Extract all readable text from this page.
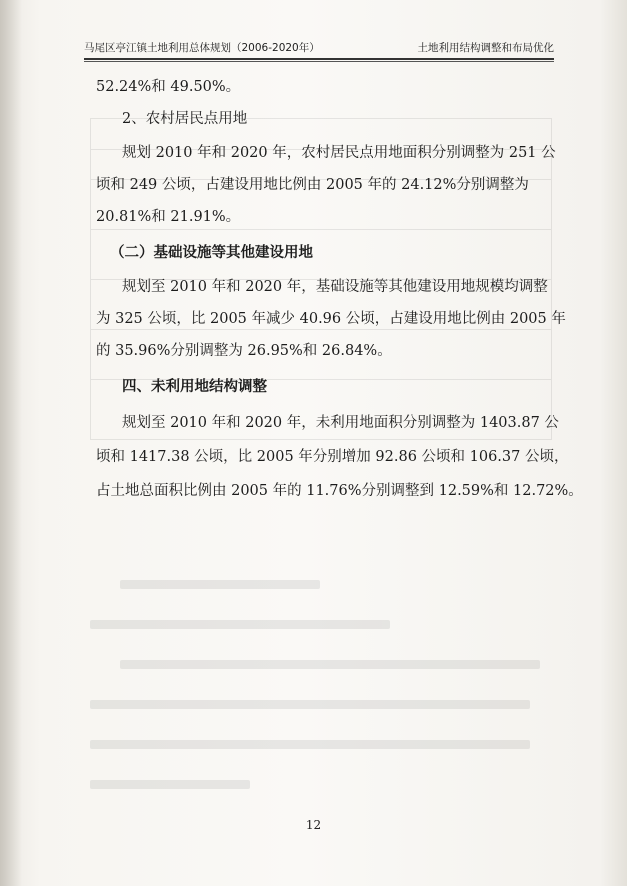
马尾区亭江镇土地利用总体规划（2006-2020年）	土地利用结构调整和布局优化
52.24%和 49.50%。
2、农村居民点用地
规划 2010 年和 2020 年，农村居民点用地面积分别调整为 251 公
顷和 249 公顷，占建设用地比例由 2005 年的 24.12%分别调整为
20.81%和 21.91%。
（二）基础设施等其他建设用地
规划至 2010 年和 2020 年，基础设施等其他建设用地规模均调整
为 325 公顷，比 2005 年减少 40.96 公顷，占建设用地比例由 2005 年
的 35.96%分别调整为 26.95%和 26.84%。
四、未利用地结构调整
规划至 2010 年和 2020 年，未利用地面积分别调整为 1403.87 公
顷和 1417.38 公顷，比 2005 年分别增加 92.86 公顷和 106.37 公顷，
占土地总面积比例由 2005 年的 11.76%分别调整到 12.59%和 12.72%。
12
